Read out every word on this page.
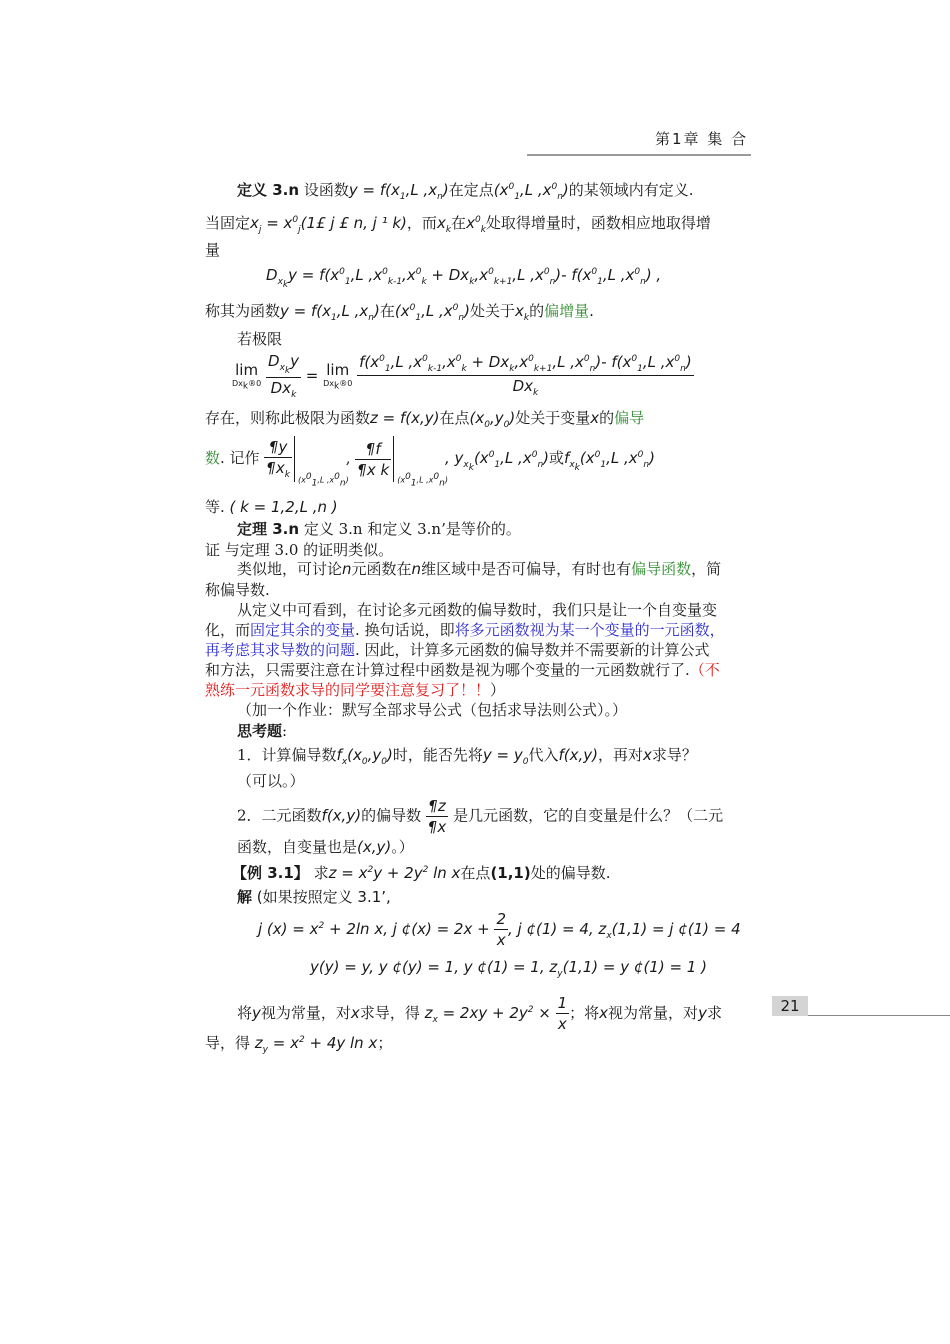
第1章 集 合
定义 3.n 设函数$y = f(x_1,L$ $,x_n$)在定点($x^0_1,L$ $,x^0_n$)的某领域内有定义.
当固定$x_j$ = $x^0_j(1£$ j £ n, j ¹ k)，而$x_k$在$x^0_k$处取得增量时，函数相应地取得增
量
$D_{x_k}y = f(x^0_1,L$ $,x^0_{k-1},x^0_k + Dx_k,x^0_{k+1},L$ $,x^0_n)-$ $f(x^0_1,L$ $,x^0_n$) ,
称其为函数$y = f(x_1,L$ $,x_n$)在($x^0_1,L$ $,x^0_n$)处关于$x_k$的偏增量.
若极限
lim
$Dx_k®0$
$\frac{D_{x_k}y}{Dx_k} = \lim$
$Dx_k®0$
$\frac{f(x^0_1,L ,x^0_{k-1},x^0_k + Dx_k,x^0_{k+1},L ,x^0_n)- f(x^0_1,L ,x^0_n)}{Dx_k}$
存在，则称此极限为函数z = f(x,y)在点$(x_0,y_0)$处关于变量x的偏导
数. 记作 $\frac{\P y}{\P x_k} (x^0_1,L$ $,x^0_n$)
, $\frac{\P f}{\text{¶x k}}$
($x^0_1,L$ $,x^0_n$)
, $y_{x_k}(x^0_1,L$ $,x^0_n$)或$f_{x_k}(x^0_1,L$ $,x^0_n$)
等. ( k = 1,2,L ,n )
定理 3.n 定义 3.n 和定义 3.n’是等价的。
证 与定理 3.0 的证明类似。
类似地，可讨论n元函数在n维区域中是否可偏导，有时也有偏导函数，简
称偏导数.
从定义中可看到，在讨论多元函数的偏导数时，我们只是让一个自变量变
化，而固定其余的变量. 换句话说，即将多元函数视为某一个变量的一元函数，
再考虑其求导数的问题. 因此，计算多元函数的偏导数并不需要新的计算公式
和方法，只需要注意在计算过程中函数是视为哪个变量的一元函数就行了.（不
熟练一元函数求导的同学要注意复习了！！）
（加一个作业：默写全部求导公式（包括求导法则公式）。）
思考题:
1．计算偏导数$f_x(x_0,y_0)$时，能否先将$y = y_0$代入f(x,y)，再对x求导？
（可以。）
2．二元函数f(x,y)的偏导数 $\frac{\P z}{\P x}$ 是几元函数，它的自变量是什么？（二元
函数，自变量也是(x,y)。）
【例 3.1】 求$z = x^2y + 2y^2$ ln x在点(1,1)处的偏导数.
解 (如果按照定义 3.1’,
j $(x) = x^2 + 2\ln$ x, j ¢(x) = $2x + \frac{2}{x}$ , j ¢(1) = 4, $z_x(1,1) = j$ ¢(1) = 4
y(y) = y, y ¢(y) = 1, y ¢(1) = 1, $z_y(1,1) = y$ ¢(1) = 1 )
将y视为常量，对x求导，得 $z_x = 2xy + 2y^2 \times \frac{1}{x}$ ；将x视为常量，对y求
导，得 $z_y = x^2 + 4y$ ln x；
21
